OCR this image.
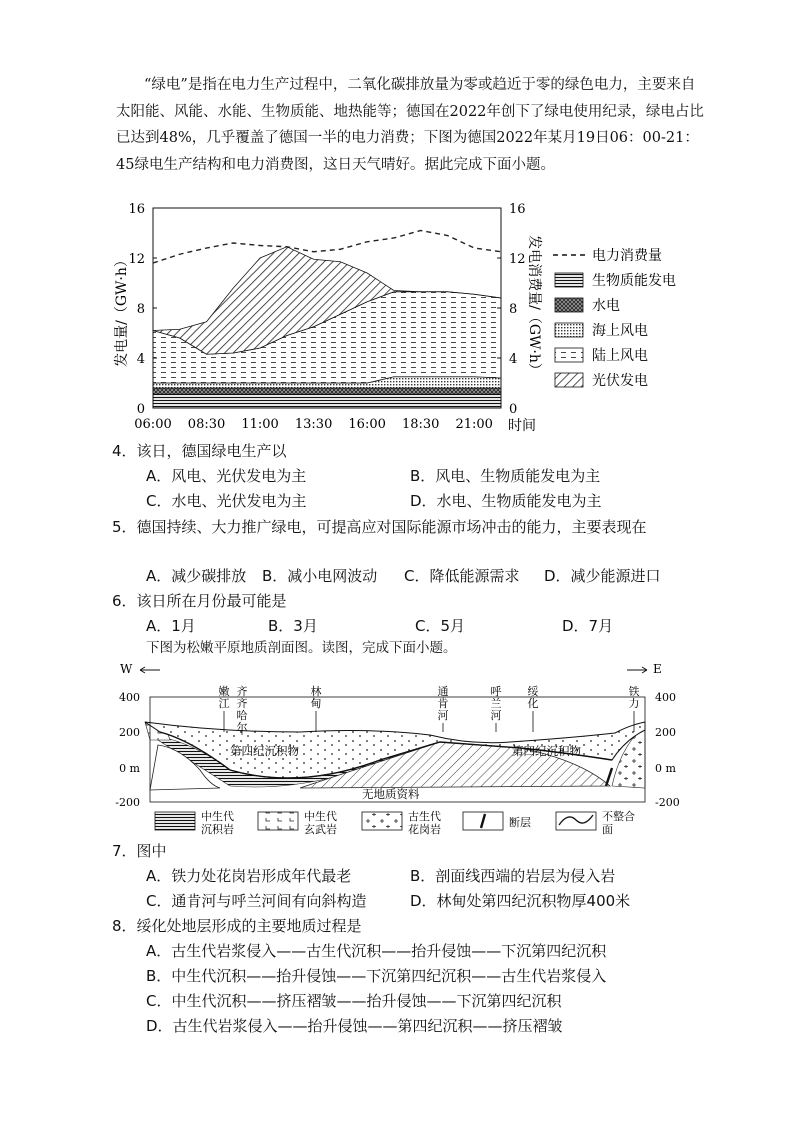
“绿电”是指在电力生产过程中，二氧化碳排放量为零或趋近于零的绿色电力，主要来自太阳能、风能、水能、生物质能、地热能等；德国在2022年创下了绿电使用纪录，绿电占比已达到48%，几乎覆盖了德国一半的电力消费；下图为德国2022年某月19日06：00-21：45绿电生产结构和电力消费图，这日天气晴好。据此完成下面小题。

0	0
4	4
8	8
12	12
16	16
06:00 08:30 11:00 13:30 16:00 18:30 21:00
发电量/（GW·h）	发电消费量/（GW·h）
时间
电力消费量
生物质能发电
水电
海上风电
陆上风电
光伏发电
4．该日，德国绿电生产以
A．风电、光伏发电为主	B．风电、生物质能发电为主
C．水电、光伏发电为主	D．水电、生物质能发电为主
5．德国持续、大力推广绿电，可提高应对国际能源市场冲击的能力，主要表现在
A．减少碳排放 B．减小电网波动 C．降低能源需求 D．减少能源进口
6．该日所在月份最可能是
A．1月	B．3月	C．5月	D．7月
下图为松嫩平原地质剖面图。读图，完成下面小题。
400	400
200	200
0 m	0 m
-200	-200
W	E
第四纪沉积物	第四纪沉积物
无地质资料
嫩
江
齐
齐
哈
尔
林
甸
通
肯
河
呼
兰
河
绥
化
铁
力
中生代
沉积岩
中生代
玄武岩
古生代
花岗岩
断层	不整合
面
7．图中
A．铁力处花岗岩形成年代最老	B．剖面线西端的岩层为侵入岩
C．通肯河与呼兰河间有向斜构造	D．林甸处第四纪沉积物厚400米
8．绥化处地层形成的主要地质过程是
A．古生代岩浆侵入——古生代沉积——抬升侵蚀——下沉第四纪沉积
B．中生代沉积——抬升侵蚀——下沉第四纪沉积——古生代岩浆侵入
C．中生代沉积——挤压褶皱——抬升侵蚀——下沉第四纪沉积
D．古生代岩浆侵入——抬升侵蚀——第四纪沉积——挤压褶皱
